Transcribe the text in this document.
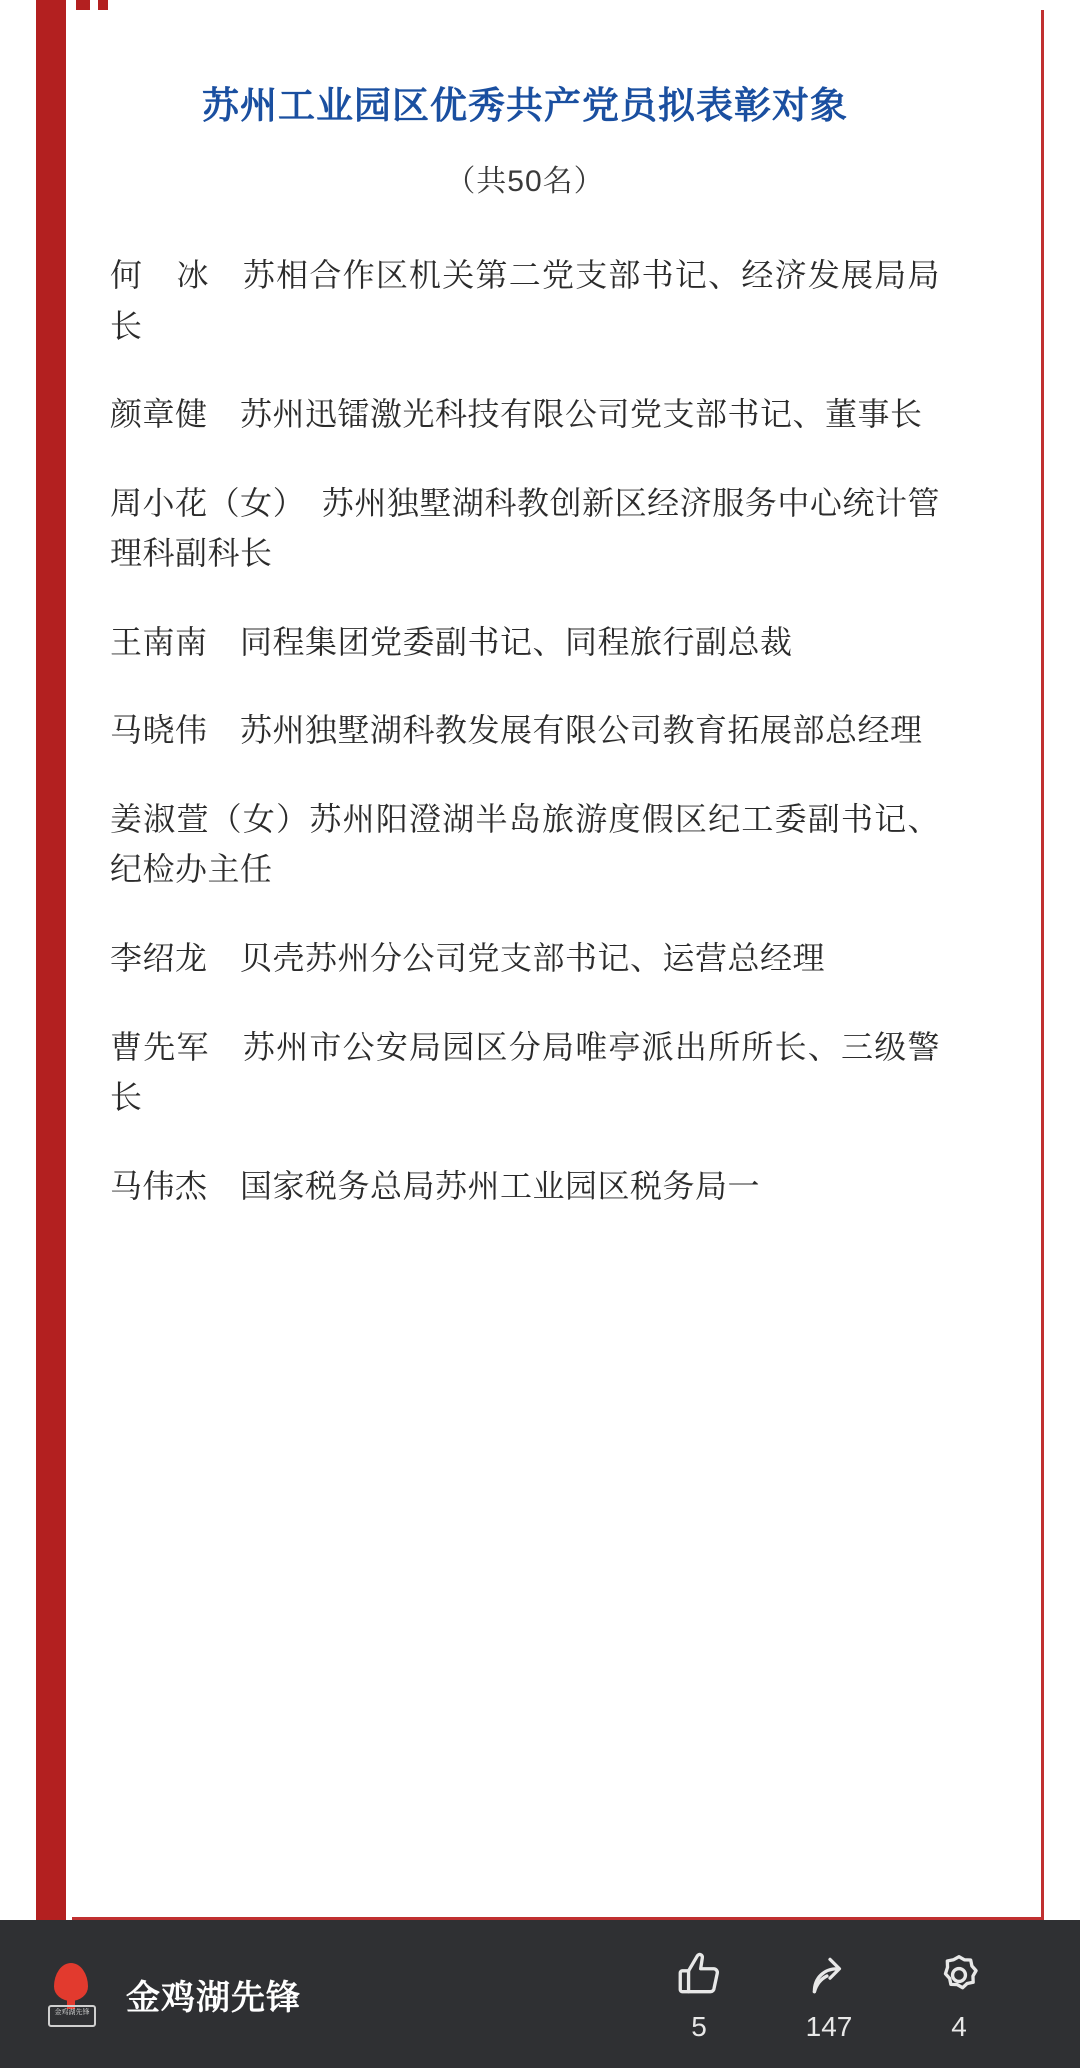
苏州工业园区优秀共产党员拟表彰对象
（共50名）
何　冰　苏相合作区机关第二党支部书记、经济发展局局长
颜章健　苏州迅镭激光科技有限公司党支部书记、董事长
周小花（女）　苏州独墅湖科教创新区经济服务中心统计管理科副科长
王南南　同程集团党委副书记、同程旅行副总裁
马晓伟　苏州独墅湖科教发展有限公司教育拓展部总经理
姜淑萱（女）苏州阳澄湖半岛旅游度假区纪工委副书记、纪检办主任
李绍龙　贝壳苏州分公司党支部书记、运营总经理
曹先军　苏州市公安局园区分局唯亭派出所所长、三级警长
马伟杰　国家税务总局苏州工业园区税务局一
金鸡湖先锋 金鸡湖先锋
5	147	4
